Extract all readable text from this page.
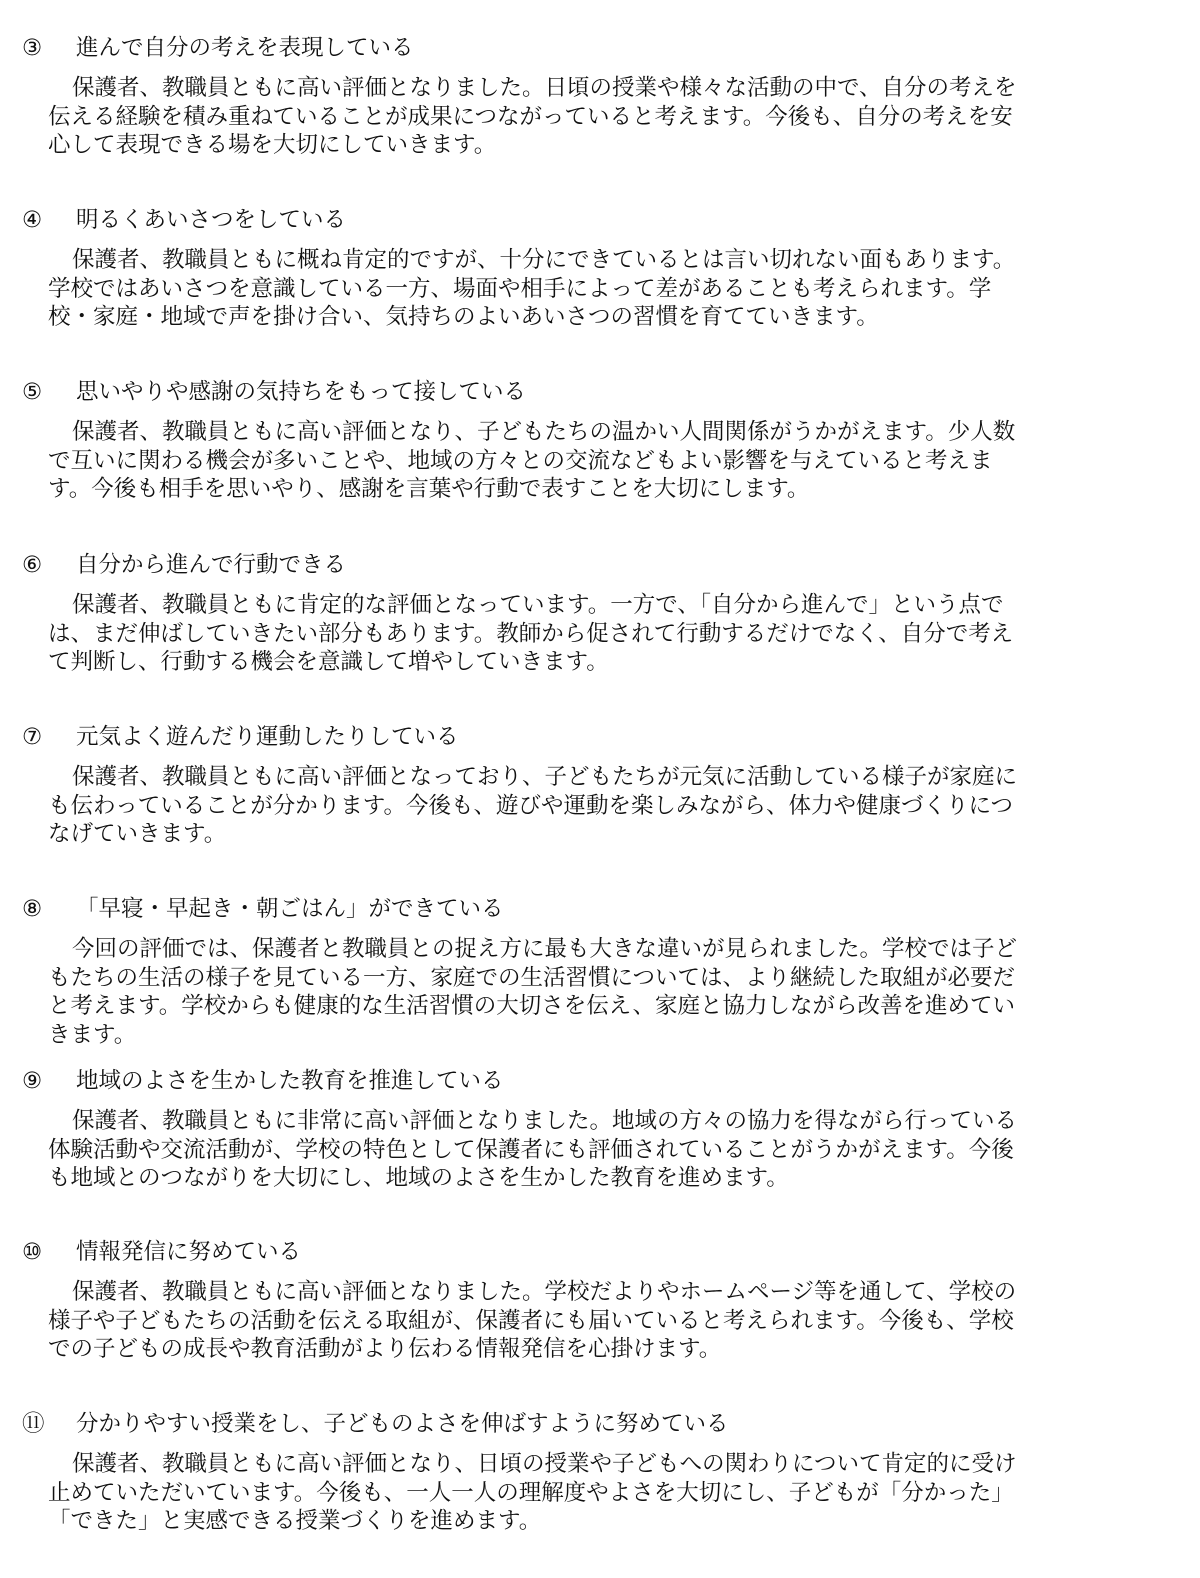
③ 進んで自分の考えを表現している
保護者、教職員ともに高い評価となりました。日頃の授業や様々な活動の中で、自分の考えを
伝える経験を積み重ねていることが成果につながっていると考えます。今後も、自分の考えを安
心して表現できる場を大切にしていきます。
④ 明るくあいさつをしている
保護者、教職員ともに概ね肯定的ですが、十分にできているとは言い切れない面もあります。
学校ではあいさつを意識している一方、場面や相手によって差があることも考えられます。学
校・家庭・地域で声を掛け合い、気持ちのよいあいさつの習慣を育てていきます。
⑤ 思いやりや感謝の気持ちをもって接している
保護者、教職員ともに高い評価となり、子どもたちの温かい人間関係がうかがえます。少人数
で互いに関わる機会が多いことや、地域の方々との交流などもよい影響を与えていると考えま
す。今後も相手を思いやり、感謝を言葉や行動で表すことを大切にします。
⑥ 自分から進んで行動できる
保護者、教職員ともに肯定的な評価となっています。一方で、「自分から進んで」という点で
は、まだ伸ばしていきたい部分もあります。教師から促されて行動するだけでなく、自分で考え
て判断し、行動する機会を意識して増やしていきます。
⑦ 元気よく遊んだり運動したりしている
保護者、教職員ともに高い評価となっており、子どもたちが元気に活動している様子が家庭に
も伝わっていることが分かります。今後も、遊びや運動を楽しみながら、体力や健康づくりにつ
なげていきます。
⑧ 「早寝・早起き・朝ごはん」ができている
今回の評価では、保護者と教職員との捉え方に最も大きな違いが見られました。学校では子ど
もたちの生活の様子を見ている一方、家庭での生活習慣については、より継続した取組が必要だ
と考えます。学校からも健康的な生活習慣の大切さを伝え、家庭と協力しながら改善を進めてい
きます。
⑨ 地域のよさを生かした教育を推進している
保護者、教職員ともに非常に高い評価となりました。地域の方々の協力を得ながら行っている
体験活動や交流活動が、学校の特色として保護者にも評価されていることがうかがえます。今後
も地域とのつながりを大切にし、地域のよさを生かした教育を進めます。
⑩ 情報発信に努めている
保護者、教職員ともに高い評価となりました。学校だよりやホームページ等を通して、学校の
様子や子どもたちの活動を伝える取組が、保護者にも届いていると考えられます。今後も、学校
での子どもの成長や教育活動がより伝わる情報発信を心掛けます。
⑪ 分かりやすい授業をし、子どものよさを伸ばすように努めている
保護者、教職員ともに高い評価となり、日頃の授業や子どもへの関わりについて肯定的に受け
止めていただいています。今後も、一人一人の理解度やよさを大切にし、子どもが「分かった」
「できた」と実感できる授業づくりを進めます。
